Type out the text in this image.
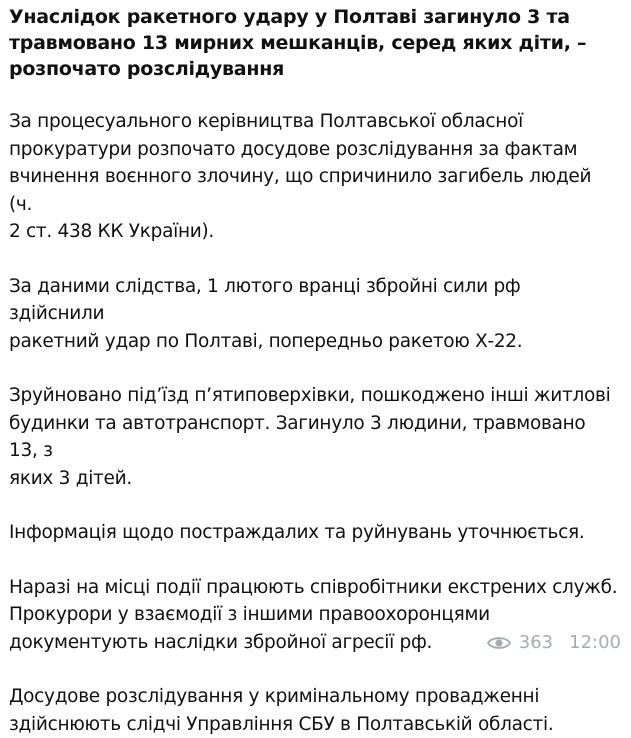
Унаслідок ракетного удару у Полтаві загинуло 3 та
травмовано 13 мирних мешканців, серед яких діти, –
розпочато розслідування

За процесуального керівництва Полтавської обласної
прокуратури розпочато досудове розслідування за фактам
вчинення воєнного злочину, що спричинило загибель людей (ч.
2 ст. 438 КК України).

За даними слідства, 1 лютого вранці збройні сили рф здійснили
ракетний удар по Полтаві, попередньо ракетою Х-22.

Зруйновано під’їзд п’ятиповерхівки, пошкоджено інші житлові
будинки та автотранспорт. Загинуло 3 людини, травмовано 13, з
яких 3 дітей.

Інформація щодо постраждалих та руйнувань уточнюється.

Наразі на місці події працюють співробітники екстрених служб.
Прокурори у взаємодії з іншими правоохоронцями
документують наслідки збройної агресії рф.

Досудове розслідування у кримінальному провадженні
здійснюють слідчі Управління СБУ в Полтавській області.

363 12:00
